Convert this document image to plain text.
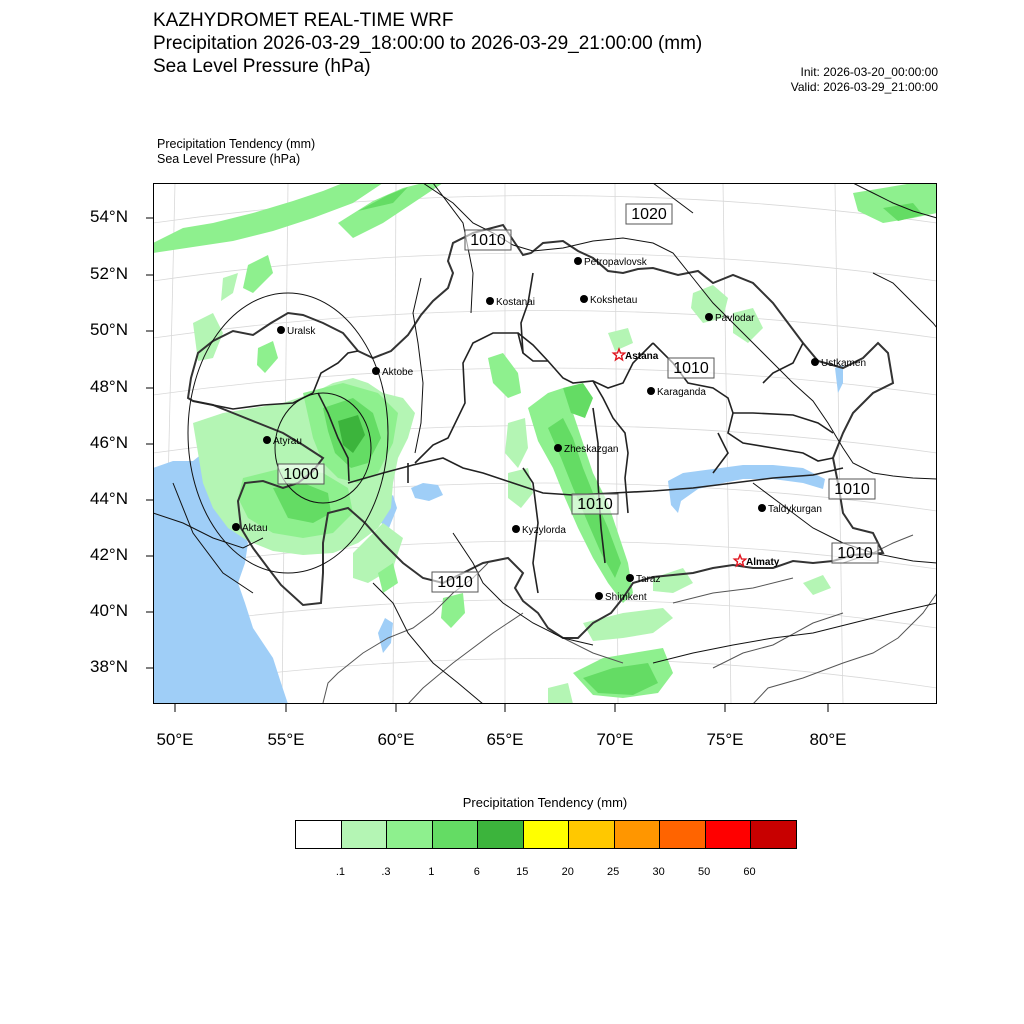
KAZHYDROMET REAL-TIME WRF
Precipitation 2026-03-29_18:00:00 to 2026-03-29_21:00:00 (mm)
Sea Level Pressure (hPa)	Init: 2026-03-20_00:00:00
Valid: 2026-03-29_21:00:00
Precipitation Tendency (mm)
Sea Level Pressure (hPa)
Petropavlovsk
Kostanai	Kokshetau
Uralsk
Pavlodar
Astana
Ustkamen
Aktobe
Karaganda
Atyrau
Zheskazgan
Aktau	Kyzylorda
Taldykurgan
Almaty
Taraz
Shimkent
1020
1010
1010
1000
1010
1010
1010
1010
54°N
52°N
50°N
48°N
46°N
44°N
42°N
40°N
38°N
50°E	55°E	60°E	65°E	70°E	75°E	80°E
Precipitation Tendency (mm)
.1	.3	1	6	15	20	25	30	50	60
